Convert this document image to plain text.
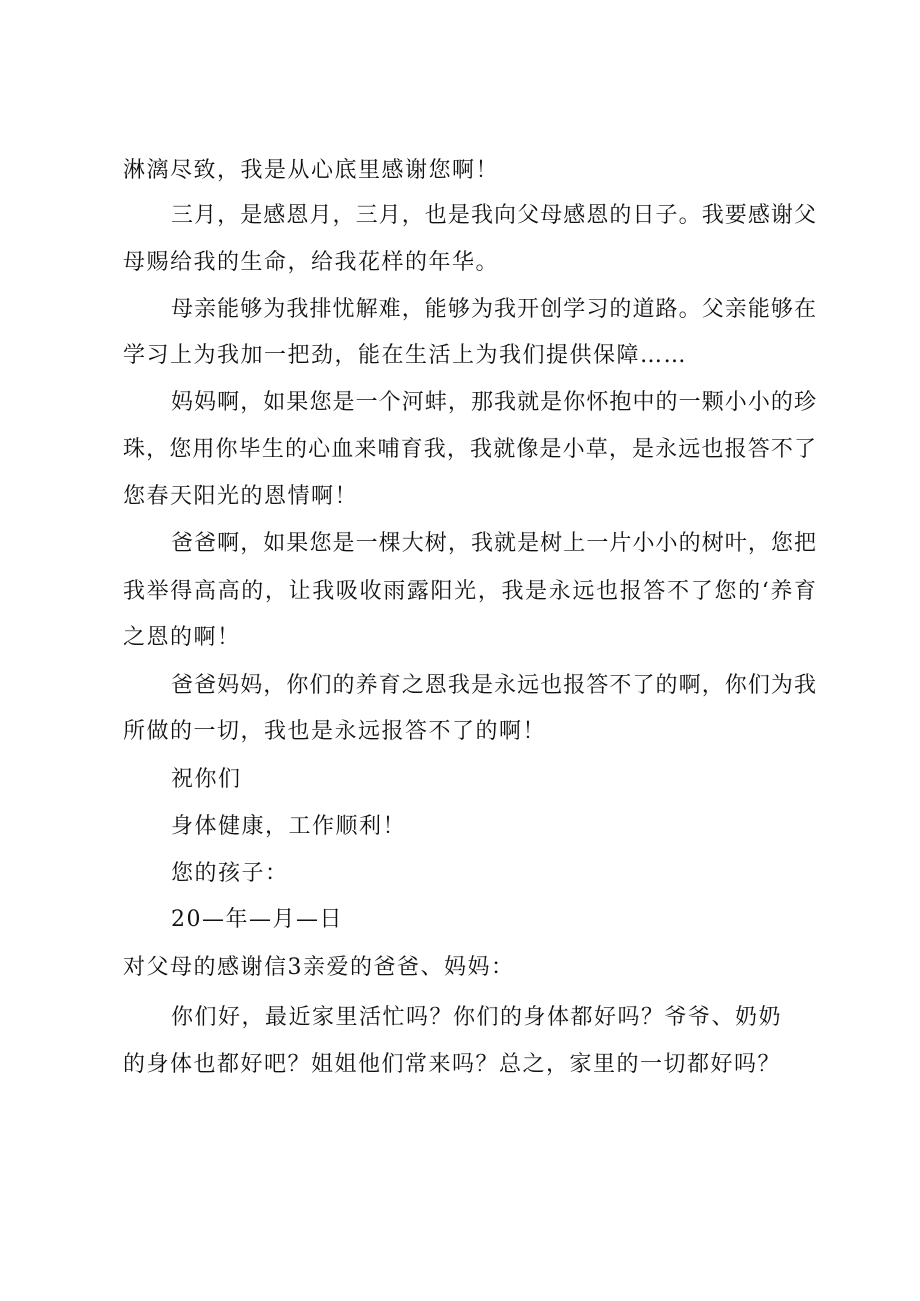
淋漓尽致，我是从心底里感谢您啊！
三月，是感恩月，三月，也是我向父母感恩的日子。我要感谢父
母赐给我的生命，给我花样的年华。
母亲能够为我排忧解难，能够为我开创学习的道路。父亲能够在
学习上为我加一把劲，能在生活上为我们提供保障……
妈妈啊，如果您是一个河蚌，那我就是你怀抱中的一颗小小的珍
珠，您用你毕生的心血来哺育我，我就像是小草，是永远也报答不了
您春天阳光的恩情啊！
爸爸啊，如果您是一棵大树，我就是树上一片小小的树叶，您把
我举得高高的，让我吸收雨露阳光，我是永远也报答不了您的‘养育
之恩的啊！
爸爸妈妈，你们的养育之恩我是永远也报答不了的啊，你们为我
所做的一切，我也是永远报答不了的啊！
祝你们
身体健康，工作顺利！
您的孩子：
20—年—月—日
对父母的感谢信3亲爱的爸爸、妈妈：
你们好，最近家里活忙吗？你们的身体都好吗？爷爷、奶奶
的身体也都好吧？姐姐他们常来吗？总之，家里的一切都好吗？
